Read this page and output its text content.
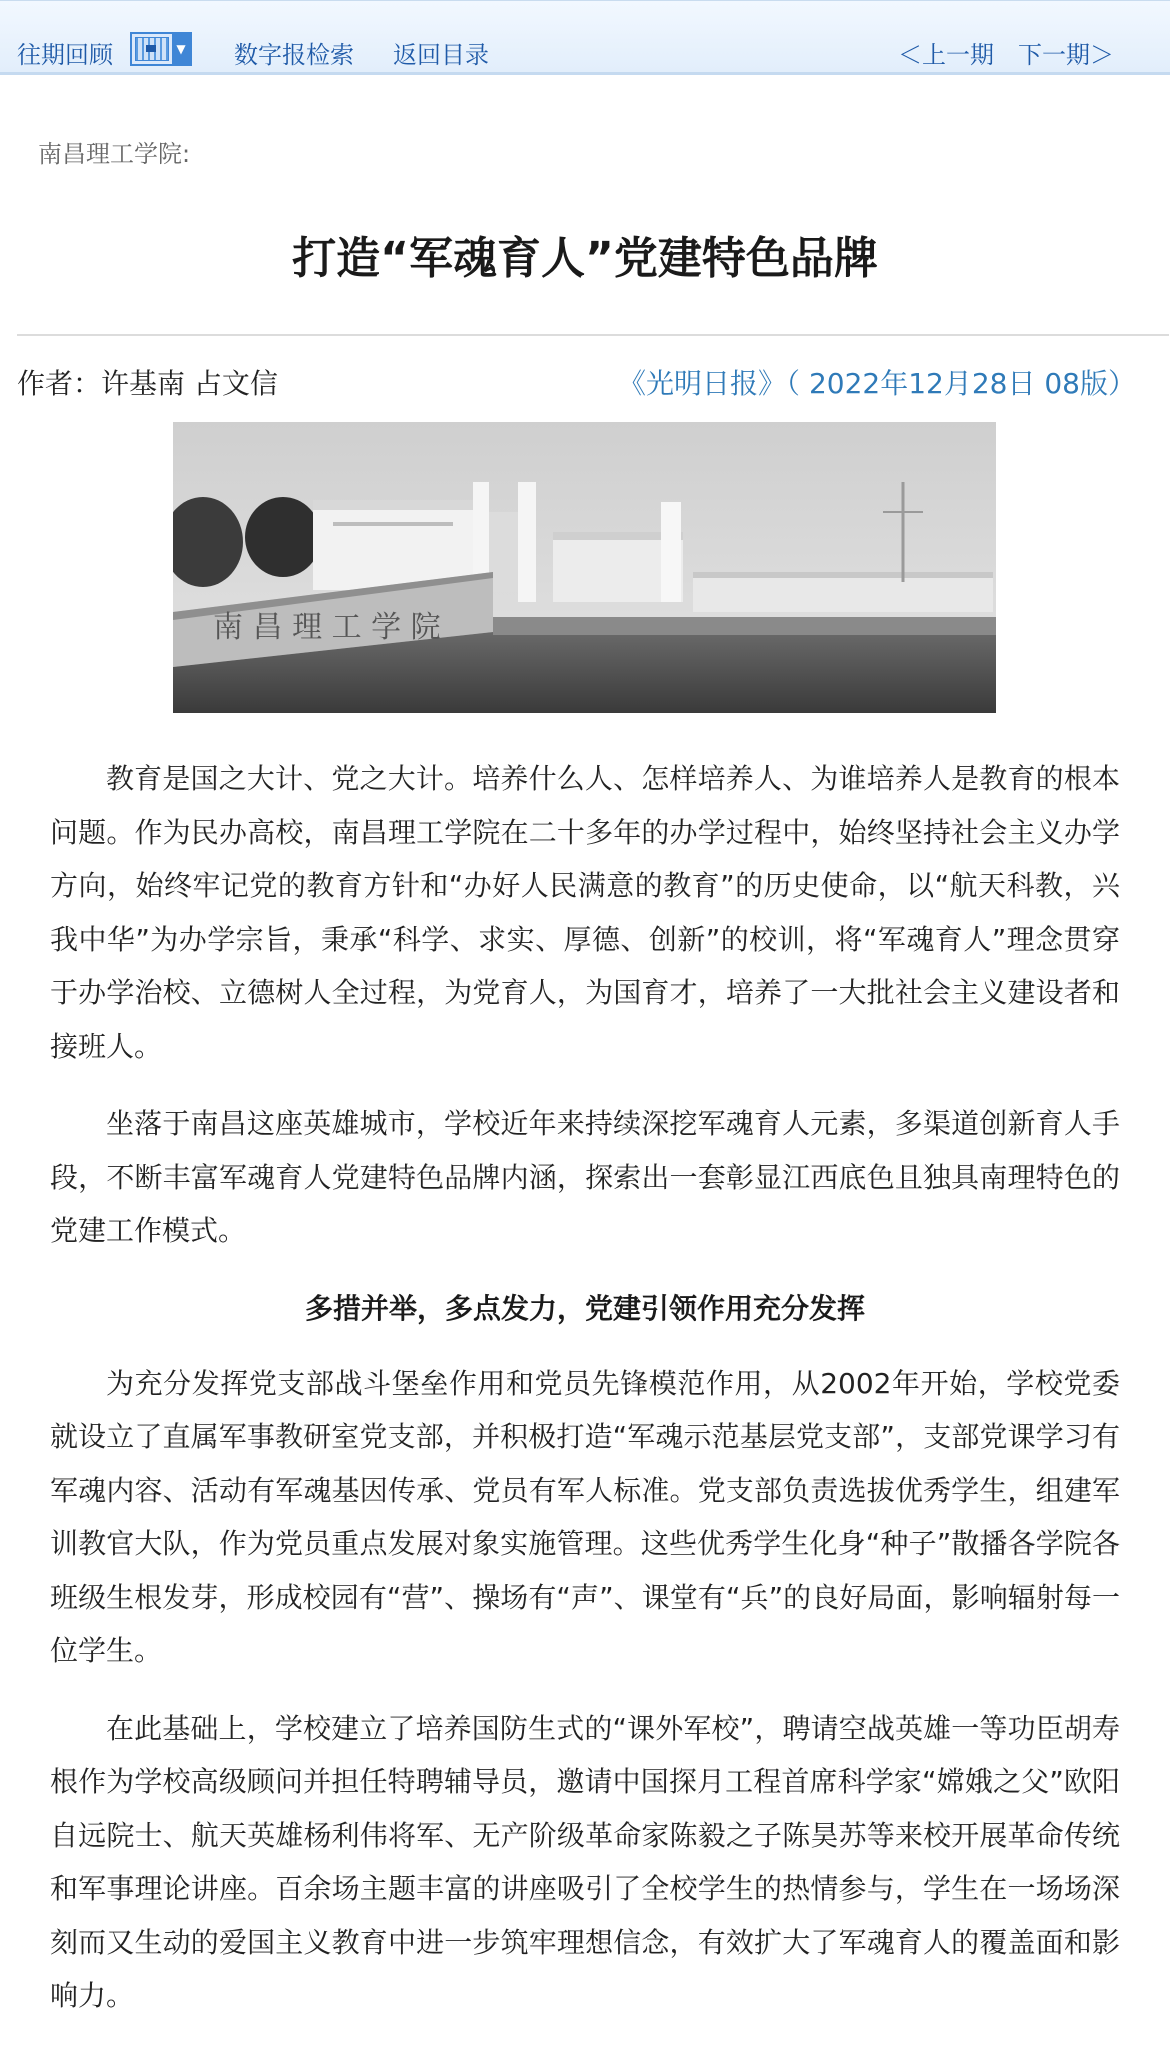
往期回顾	▼ 数字报检索 返回目录	＜上一期 下一期＞
南昌理工学院:
打造“军魂育人”党建特色品牌
作者：许基南 占文信	《光明日报》（ 2022年12月28日 08版）
南 昌 理 工 学 院

教育是国之大计、党之大计。培养什么人、怎样培养人、为谁培养人是教育的根本问题。作为民办高校，南昌理工学院在二十多年的办学过程中，始终坚持社会主义办学方向，始终牢记党的教育方针和“办好人民满意的教育”的历史使命，以“航天科教，兴我中华”为办学宗旨，秉承“科学、求实、厚德、创新”的校训，将“军魂育人”理念贯穿于办学治校、立德树人全过程，为党育人，为国育才，培养了一大批社会主义建设者和接班人。

坐落于南昌这座英雄城市，学校近年来持续深挖军魂育人元素，多渠道创新育人手段，不断丰富军魂育人党建特色品牌内涵，探索出一套彰显江西底色且独具南理特色的党建工作模式。

多措并举，多点发力，党建引领作用充分发挥

为充分发挥党支部战斗堡垒作用和党员先锋模范作用，从2002年开始，学校党委就设立了直属军事教研室党支部，并积极打造“军魂示范基层党支部”，支部党课学习有军魂内容、活动有军魂基因传承、党员有军人标准。党支部负责选拔优秀学生，组建军训教官大队，作为党员重点发展对象实施管理。这些优秀学生化身“种子”散播各学院各班级生根发芽，形成校园有“营”、操场有“声”、课堂有“兵”的良好局面，影响辐射每一位学生。

在此基础上，学校建立了培养国防生式的“课外军校”，聘请空战英雄一等功臣胡寿根作为学校高级顾问并担任特聘辅导员，邀请中国探月工程首席科学家“嫦娥之父”欧阳自远院士、航天英雄杨利伟将军、无产阶级革命家陈毅之子陈昊苏等来校开展革命传统和军事理论讲座。百余场主题丰富的讲座吸引了全校学生的热情参与，学生在一场场深刻而又生动的爱国主义教育中进一步筑牢理想信念，有效扩大了军魂育人的覆盖面和影响力。
